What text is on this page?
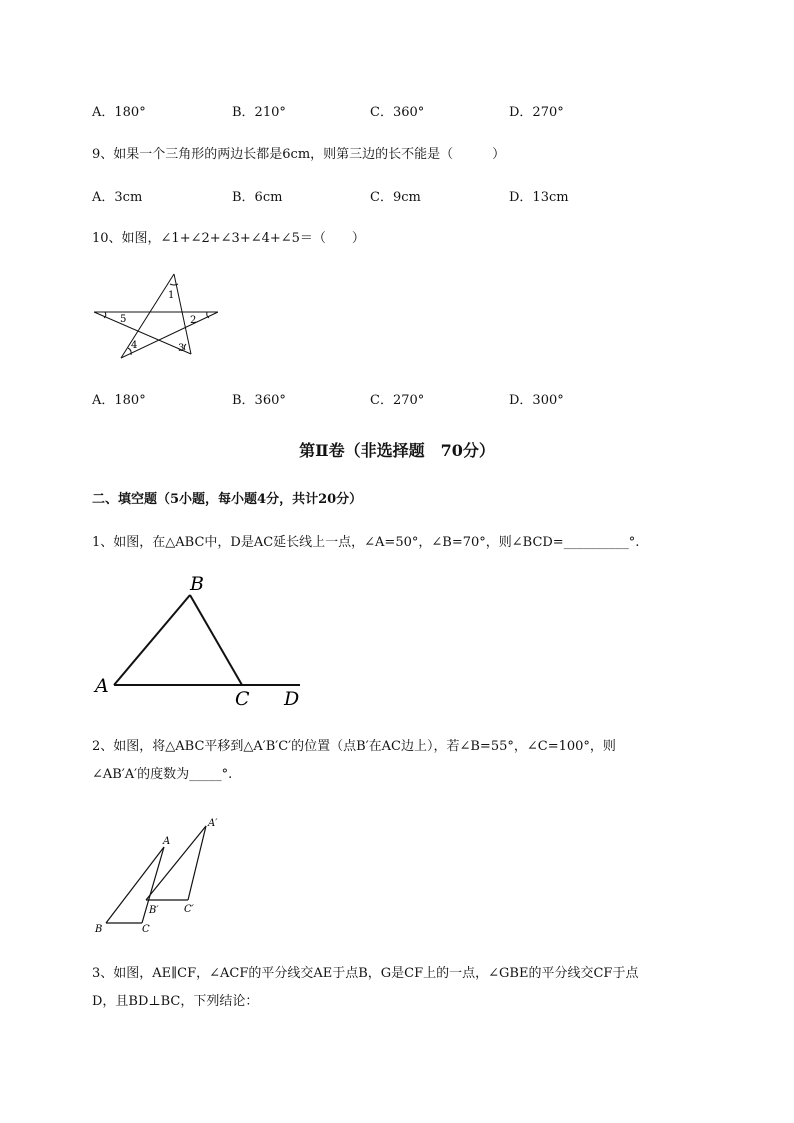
A．180°	B．210°	C．360°	D．270°
9、如果一个三角形的两边长都是6cm，则第三边的长不能是（　　　）
A．3cm	B．6cm	C．9cm	D．13cm
10、如图，∠1+∠2+∠3+∠4+∠5＝（　　）
1
2
3
4
5
A．180°	B．360°	C．270°	D．300°
第Ⅱ卷（非选择题　70分）
二、填空题（5小题，每小题4分，共计20分）
1、如图，在△ABC中，D是AC延长线上一点，∠A=50°，∠B=70°，则∠BCD=__________°.
A
B
C D
2、如图，将△ABC平移到△A′B′C′的位置（点B′在AC边上），若∠B=55°，∠C=100°，则
∠AB′A′的度数为_____°.
A′
A
B′	C′
B	C
3、如图，AE∥CF，∠ACF的平分线交AE于点B，G是CF上的一点，∠GBE的平分线交CF于点
D，且BD⊥BC，下列结论：
